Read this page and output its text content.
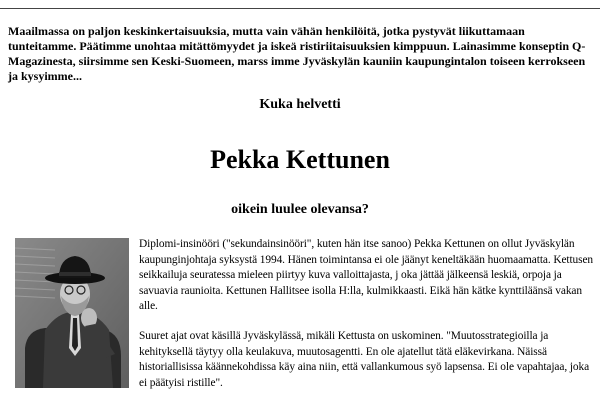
Maailmassa on paljon keskinkertaisuuksia, mutta vain vähän henkilöitä, jotka pystyvät liikuttamaan tunteitamme. Päätimme unohtaa mitättömyydet ja iskeä ristiriitaisuuksien kimppuun. Lainasimme konseptin Q-Magazinesta, siirsimme sen Keski-Suomeen, marss imme Jyväskylän kauniin kaupungintalon toiseen kerrokseen ja kysyimme...

Kuka helvetti
Pekka Kettunen
oikein luulee olevansa?

Diplomi-insinööri ("sekundainsinööri", kuten hän itse sanoo) Pekka Kettunen on ollut Jyväskylän kaupunginjohtaja syksystä 1994. Hänen toimintansa ei ole jäänyt keneltäkään huomaamatta. Kettusen seikkailuja seuratessa mieleen piirtyy kuva valloittajasta, j oka jättää jälkeensä leskiä, orpoja ja savuavia raunioita. Kettunen Hallitsee isolla H:lla, kulmikkaasti. Eikä hän kätke kynttiläänsä vakan alle.

Suuret ajat ovat käsillä Jyväskylässä, mikäli Kettusta on uskominen. "Muutosstrategioilla ja kehityksellä täytyy olla keulakuva, muutosagentti. En ole ajatellut tätä eläkevirkana. Näissä historiallisissa käännekohdissa käy aina niin, että vallankumous syö lapsensa. Ei ole vapahtajaa, joka ei päätyisi ristille".
